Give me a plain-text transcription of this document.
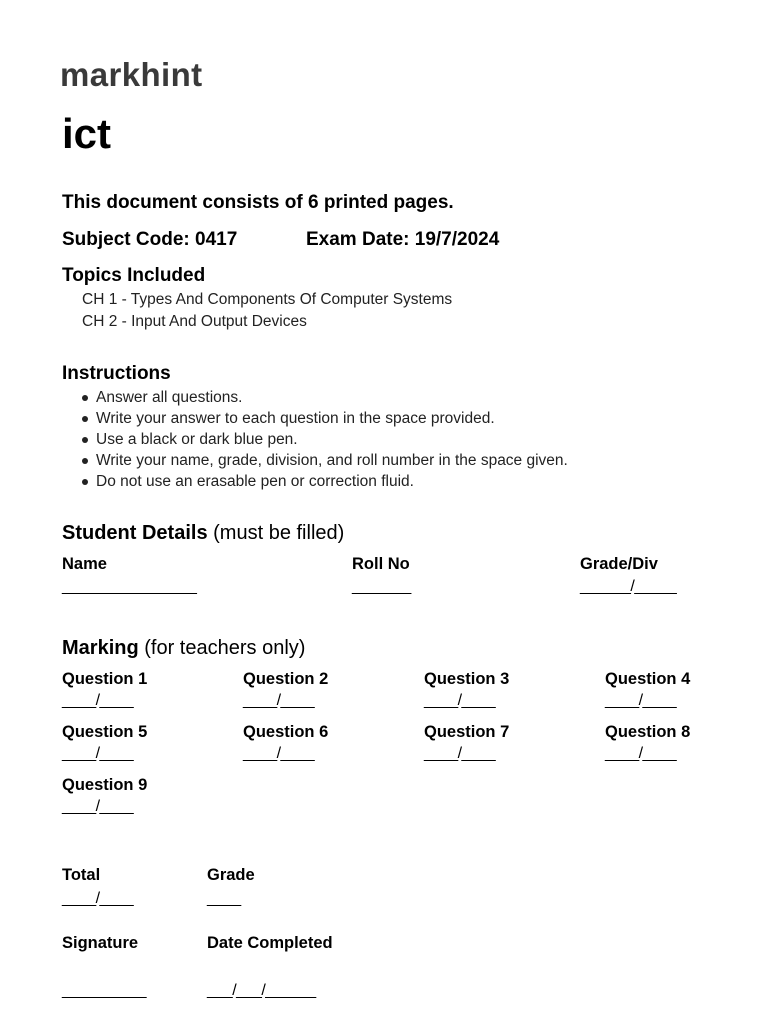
markhint
ict
This document consists of 6 printed pages.
Subject Code: 0417	Exam Date: 19/7/2024
Topics Included
CH 1 - Types And Components Of Computer Systems
CH 2 - Input And Output Devices
Instructions
Answer all questions.
Write your answer to each question in the space provided.
Use a black or dark blue pen.
Write your name, grade, division, and roll number in the space given.
Do not use an erasable pen or correction fluid.
Student Details (must be filled)
Name	Roll No	Grade/Div
________________	_______	______/_____
Marking (for teachers only)
Question 1
____/____
Question 2
____/____
Question 3
____/____
Question 4
____/____
Question 5
____/____
Question 6
____/____
Question 7
____/____
Question 8
____/____
Question 9
____/____
Total	Grade
____/____	____
Signature	Date Completed
__________	___/___/______
